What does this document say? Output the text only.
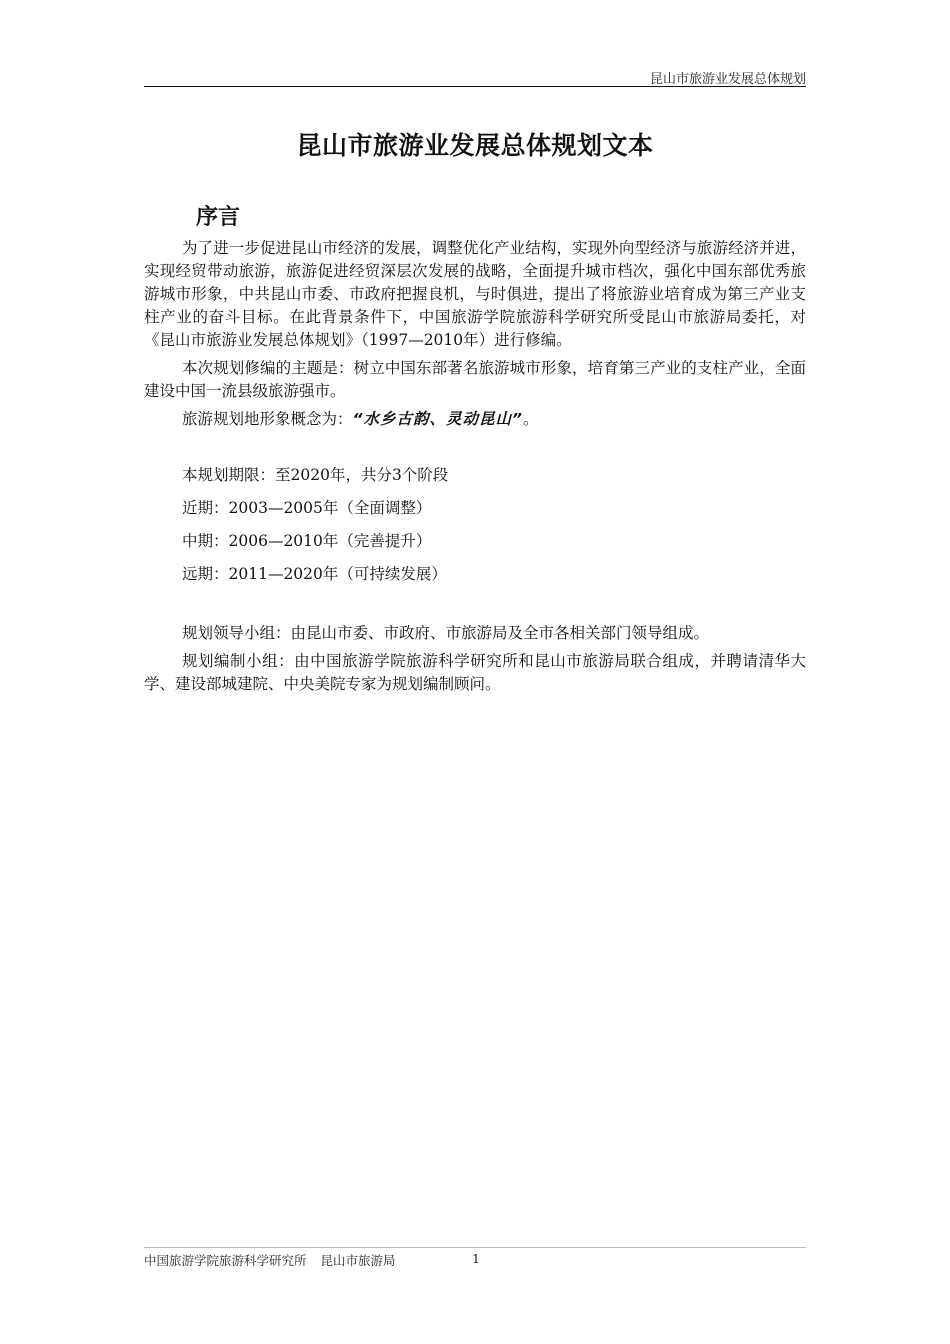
昆山市旅游业发展总体规划
昆山市旅游业发展总体规划文本
序言

为了进一步促进昆山市经济的发展，调整优化产业结构，实现外向型经济与旅游经济并进，实现经贸带动旅游，旅游促进经贸深层次发展的战略，全面提升城市档次，强化中国东部优秀旅游城市形象，中共昆山市委、市政府把握良机，与时俱进，提出了将旅游业培育成为第三产业支柱产业的奋斗目标。在此背景条件下，中国旅游学院旅游科学研究所受昆山市旅游局委托，对《昆山市旅游业发展总体规划》（1997—2010年）进行修编。

本次规划修编的主题是：树立中国东部著名旅游城市形象，培育第三产业的支柱产业，全面建设中国一流县级旅游强市。

旅游规划地形象概念为：“水乡古韵、灵动昆山”。

本规划期限：至2020年，共分3个阶段

近期：2003—2005年（全面调整）

中期：2006—2010年（完善提升）

远期：2011—2020年（可持续发展）

规划领导小组：由昆山市委、市政府、市旅游局及全市各相关部门领导组成。

规划编制小组：由中国旅游学院旅游科学研究所和昆山市旅游局联合组成，并聘请清华大学、建设部城建院、中央美院专家为规划编制顾问。

中国旅游学院旅游科学研究所 昆山市旅游局	1
